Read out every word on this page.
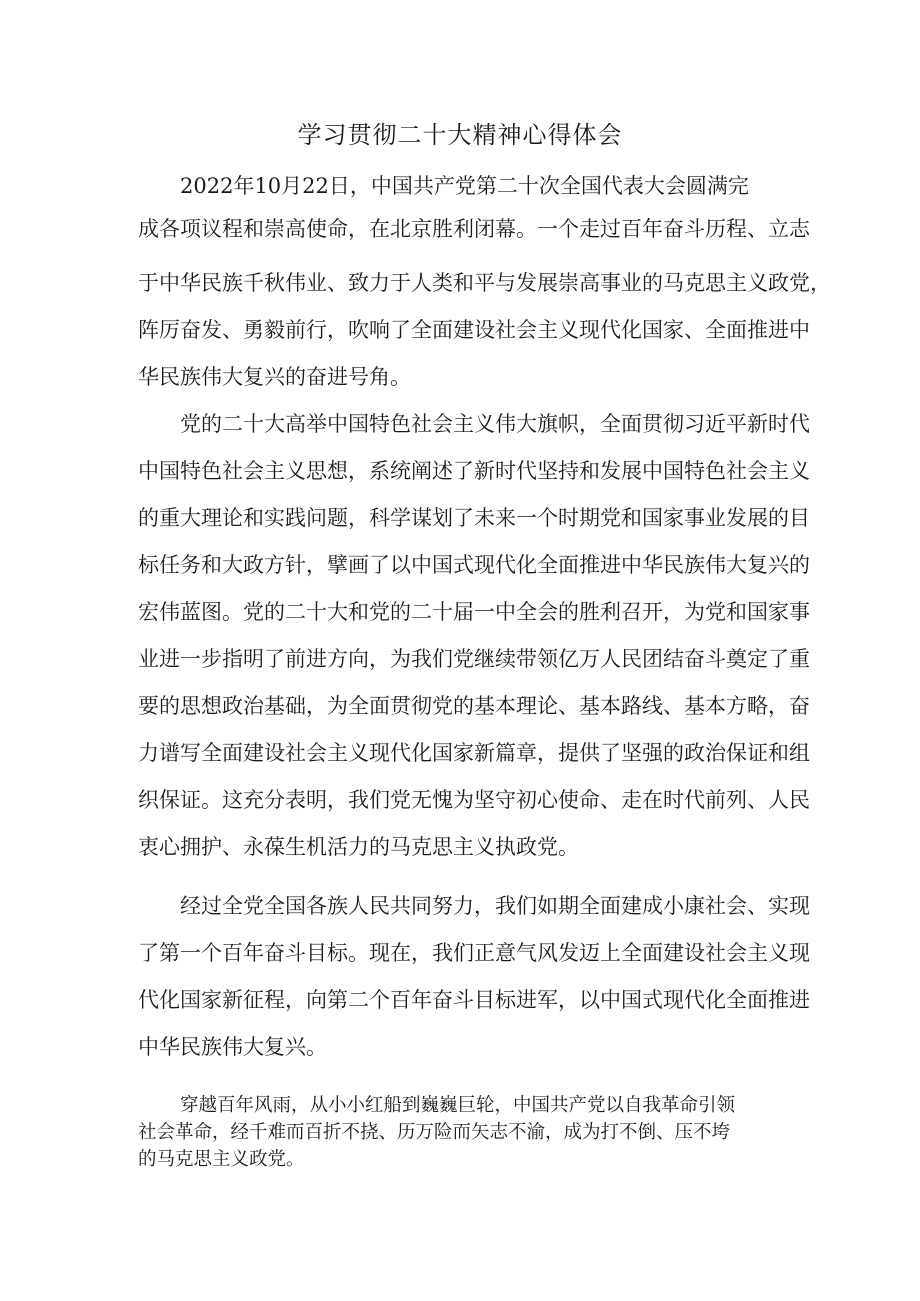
学习贯彻二十大精神心得体会

2022年10月22日，中国共产党第二十次全国代表大会圆满完

成各项议程和崇高使命，在北京胜利闭幕。一个走过百年奋斗历程、立志

于中华民族千秋伟业、致力于人类和平与发展崇高事业的马克思主义政党，

阵厉奋发、勇毅前行，吹响了全面建设社会主义现代化国家、全面推进中

华民族伟大复兴的奋进号角。

党的二十大高举中国特色社会主义伟大旗帜，全面贯彻习近平新时代

中国特色社会主义思想，系统阐述了新时代坚持和发展中国特色社会主义

的重大理论和实践问题，科学谋划了未来一个时期党和国家事业发展的目

标任务和大政方针，擘画了以中国式现代化全面推进中华民族伟大复兴的

宏伟蓝图。党的二十大和党的二十届一中全会的胜利召开，为党和国家事

业进一步指明了前进方向，为我们党继续带领亿万人民团结奋斗奠定了重

要的思想政治基础，为全面贯彻党的基本理论、基本路线、基本方略，奋

力谱写全面建设社会主义现代化国家新篇章，提供了坚强的政治保证和组

织保证。这充分表明，我们党无愧为坚守初心使命、走在时代前列、人民

衷心拥护、永葆生机活力的马克思主义执政党。

经过全党全国各族人民共同努力，我们如期全面建成小康社会、实现

了第一个百年奋斗目标。现在，我们正意气风发迈上全面建设社会主义现

代化国家新征程，向第二个百年奋斗目标进军，以中国式现代化全面推进

中华民族伟大复兴。

穿越百年风雨，从小小红船到巍巍巨轮，中国共产党以自我革命引领

社会革命，经千难而百折不挠、历万险而矢志不渝，成为打不倒、压不垮

的马克思主义政党。
